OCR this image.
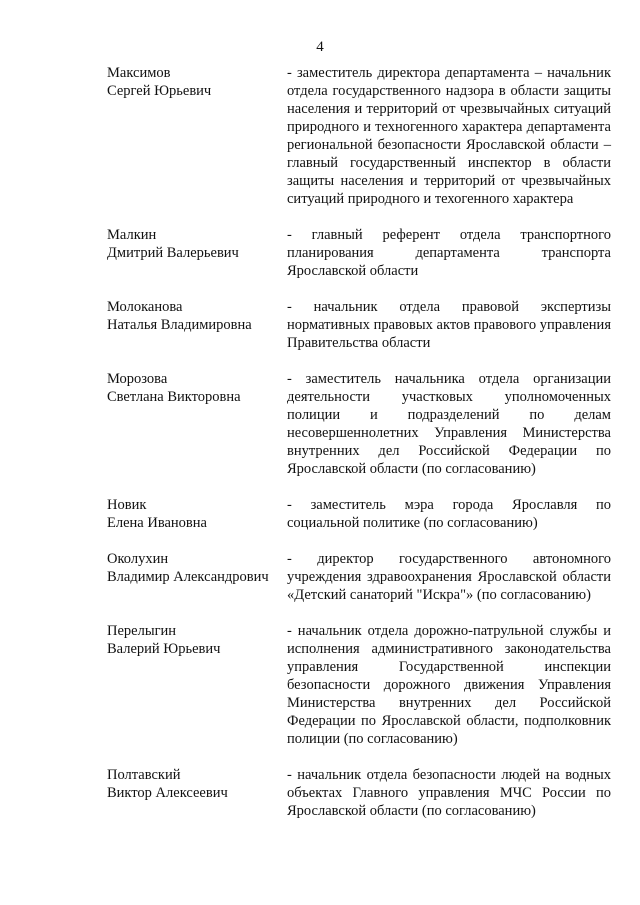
4
Максимов
Сергей Юрьевич
- заместитель директора департамента – начальник отдела государственного надзора в области защиты населения и территорий от чрезвычайных ситуаций природного и техногенного характера департамента региональной безопасности Ярославской области – главный государственный инспектор в области защиты населения и территорий от чрезвычайных ситуаций природного и техогенного характера
Малкин
Дмитрий Валерьевич
- главный референт отдела транспортного планирования департамента транспорта Ярославской области
Молоканова
Наталья Владимировна
- начальник отдела правовой экспертизы нормативных правовых актов правового управления Правительства области
Морозова
Светлана Викторовна
- заместитель начальника отдела организации деятельности участковых уполномоченных полиции и подразделений по делам несовершеннолетних Управления Министерства внутренних дел Российской Федерации по Ярославской области (по согласованию)
Новик
Елена Ивановна
- заместитель мэра города Ярославля по социальной политике (по согласованию)
Околухин
Владимир Александрович
- директор государственного автономного учреждения здравоохранения Ярославской области «Детский санаторий "Искра"» (по согласованию)
Перелыгин
Валерий Юрьевич
- начальник отдела дорожно-патрульной службы и исполнения административного законодательства управления Государственной инспекции безопасности дорожного движения Управления Министерства внутренних дел Российской Федерации по Ярославской области, подполковник полиции (по согласованию)
Полтавский
Виктор Алексеевич
- начальник отдела безопасности людей на водных объектах Главного управления МЧС России по Ярославской области (по согласованию)
